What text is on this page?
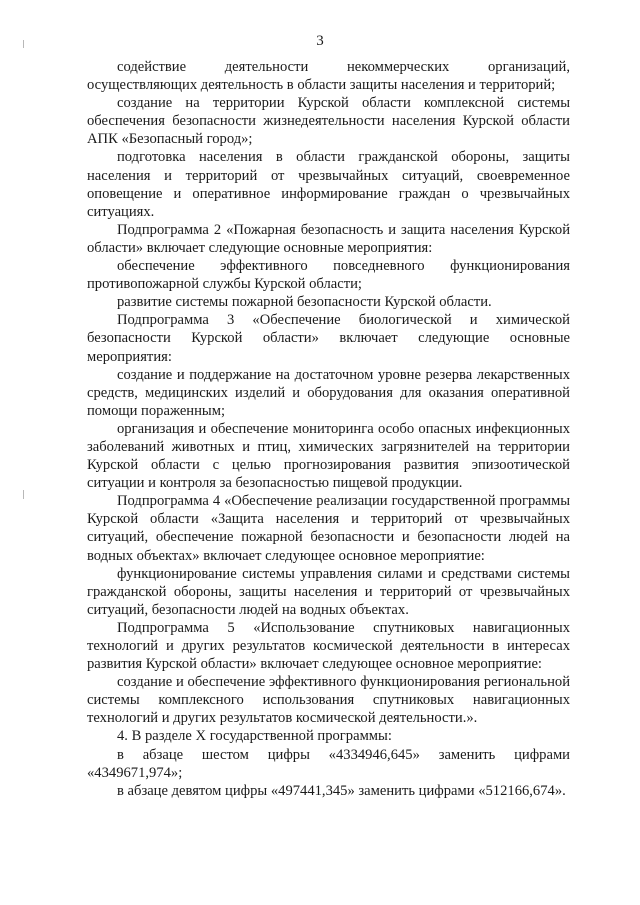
3

содействие деятельности некоммерческих организаций, осуществляющих деятельность в области защиты населения и территорий;

создание на территории Курской области комплексной системы обеспечения безопасности жизнедеятельности населения Курской области АПК «Безопасный город»;

подготовка населения в области гражданской обороны, защиты населения и территорий от чрезвычайных ситуаций, своевременное оповещение и оперативное информирование граждан о чрезвычайных ситуациях.

Подпрограмма 2 «Пожарная безопасность и защита населения Курской области» включает следующие основные мероприятия:

обеспечение эффективного повседневного функционирования противопожарной службы Курской области;

развитие системы пожарной безопасности Курской области.

Подпрограмма 3 «Обеспечение биологической и химической безопасности Курской области» включает следующие основные мероприятия:

создание и поддержание на достаточном уровне резерва лекарственных средств, медицинских изделий и оборудования для оказания оперативной помощи пораженным;

организация и обеспечение мониторинга особо опасных инфекционных заболеваний животных и птиц, химических загрязнителей на территории Курской области с целью прогнозирования развития эпизоотической ситуации и контроля за безопасностью пищевой продукции.

Подпрограмма 4 «Обеспечение реализации государственной программы Курской области «Защита населения и территорий от чрезвычайных ситуаций, обеспечение пожарной безопасности и безопасности людей на водных объектах» включает следующее основное мероприятие:

функционирование системы управления силами и средствами системы гражданской обороны, защиты населения и территорий от чрезвычайных ситуаций, безопасности людей на водных объектах.

Подпрограмма 5 «Использование спутниковых навигационных технологий и других результатов космической деятельности в интересах развития Курской области» включает следующее основное мероприятие:

создание и обеспечение эффективного функционирования региональной системы комплексного использования спутниковых навигационных технологий и других результатов космической деятельности.».

4. В разделе Х государственной программы:

в абзаце шестом цифры «4334946,645» заменить цифрами «4349671,974»;

в абзаце девятом цифры «497441,345» заменить цифрами «512166,674».
